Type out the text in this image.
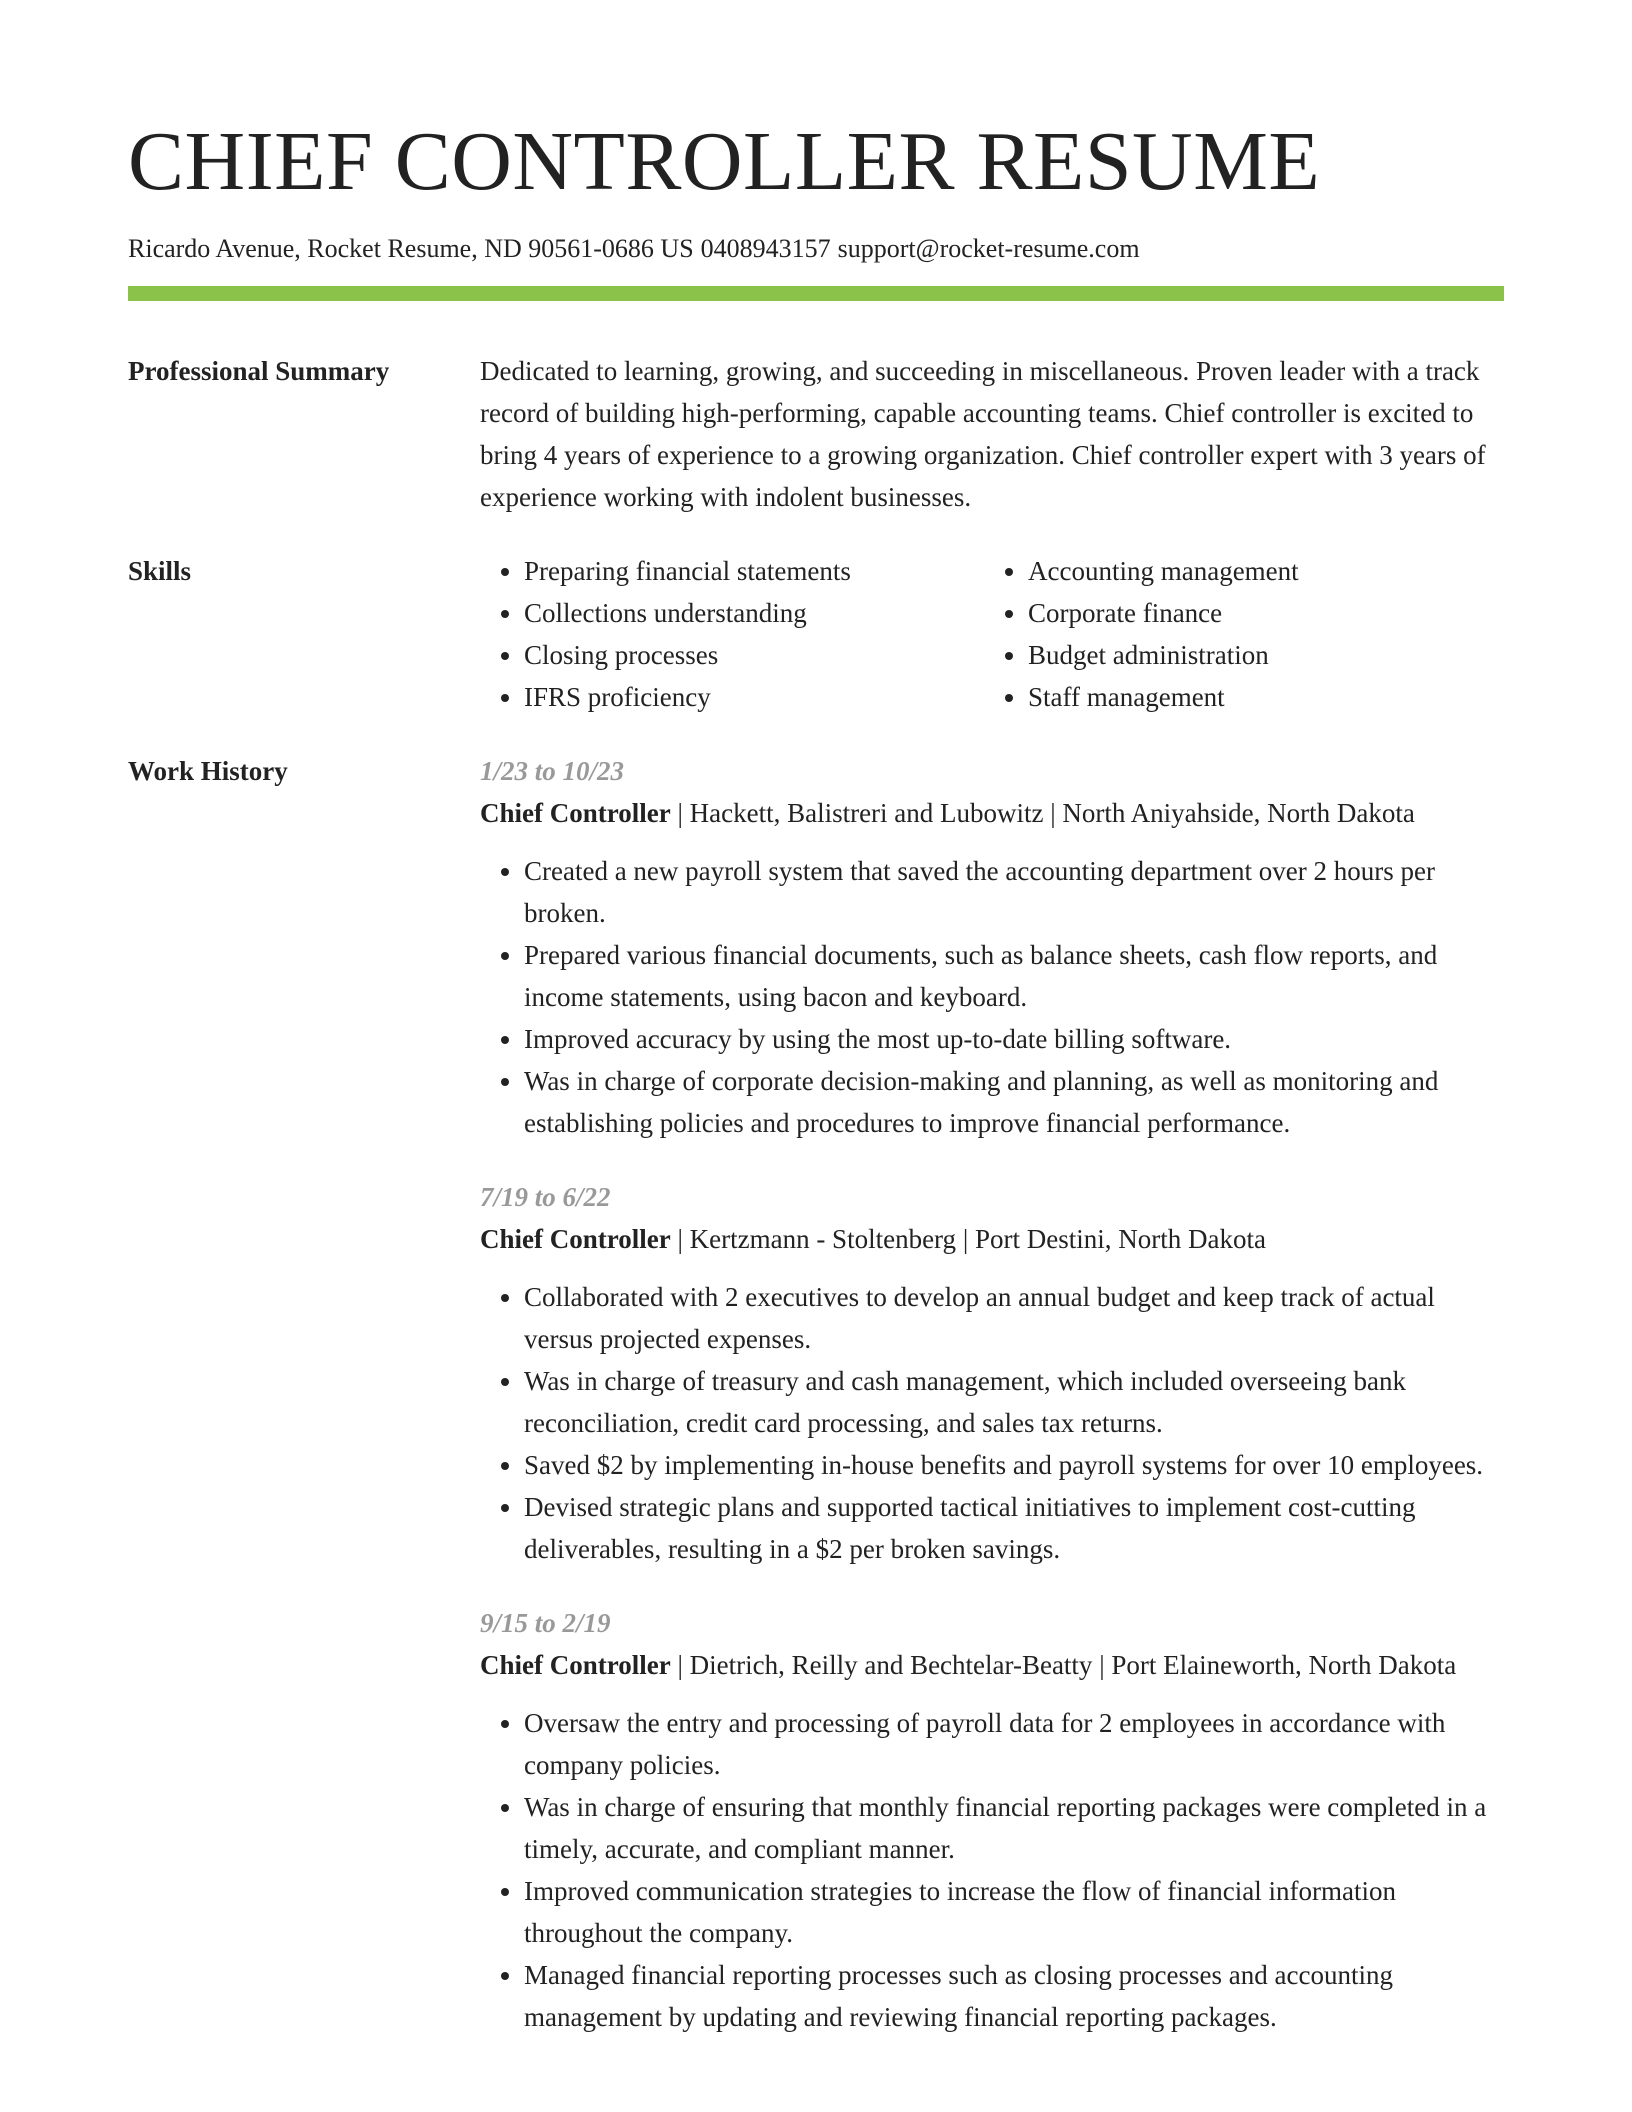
CHIEF CONTROLLER RESUME
Ricardo Avenue, Rocket Resume, ND 90561-0686 US 0408943157 support@rocket-resume.com
Professional Summary	Dedicated to learning, growing, and succeeding in miscellaneous. Proven leader with a track record of building high-performing, capable accounting teams. Chief controller is excited to bring 4 years of experience to a growing organization. Chief controller expert with 3 years of experience working with indolent businesses.

Skills
•	Preparing financial statements
• Collections understanding
• Closing processes
• IFRS proficiency
• Accounting management
• Corporate finance
• Budget administration
• Staff management
Work History	1/23 to 10/23
Chief Controller | Hackett, Balistreri and Lubowitz | North Aniyahside, North Dakota
• Created a new payroll system that saved the accounting department over 2 hours per broken.
• Prepared various financial documents, such as balance sheets, cash flow reports, and income statements, using bacon and keyboard.
• Improved accuracy by using the most up-to-date billing software.
• Was in charge of corporate decision-making and planning, as well as monitoring and establishing policies and procedures to improve financial performance.
7/19 to 6/22
Chief Controller | Kertzmann - Stoltenberg | Port Destini, North Dakota
• Collaborated with 2 executives to develop an annual budget and keep track of actual versus projected expenses.
• Was in charge of treasury and cash management, which included overseeing bank reconciliation, credit card processing, and sales tax returns.
• Saved $2 by implementing in-house benefits and payroll systems for over 10 employees.
• Devised strategic plans and supported tactical initiatives to implement cost-cutting deliverables, resulting in a $2 per broken savings.
9/15 to 2/19
Chief Controller | Dietrich, Reilly and Bechtelar-Beatty | Port Elaineworth, North Dakota
• Oversaw the entry and processing of payroll data for 2 employees in accordance with company policies.
• Was in charge of ensuring that monthly financial reporting packages were completed in a timely, accurate, and compliant manner.
• Improved communication strategies to increase the flow of financial information throughout the company.
• Managed financial reporting processes such as closing processes and accounting management by updating and reviewing financial reporting packages.
